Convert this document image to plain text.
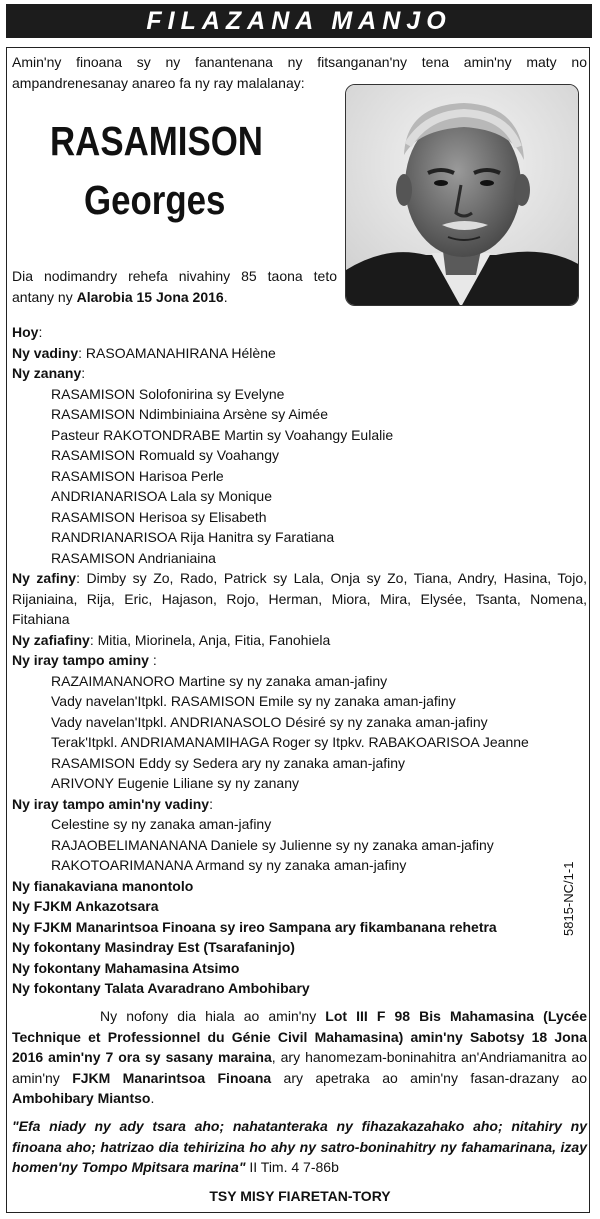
FILAZANA MANJO
Amin'ny finoana sy ny fanantenana ny fitsanganan'ny tena amin'ny maty no ampandrenesanay anareo fa ny ray malalanay:
RASAMISON
Georges
Dia nodimandry rehefa nivahiny 85 taona teto antany ny Alarobia 15 Jona 2016.
Hoy:
Ny vadiny: RASOAMANAHIRANA Hélène
Ny zanany:
RASAMISON Solofonirina sy Evelyne
RASAMISON Ndimbiniaina Arsène sy Aimée
Pasteur RAKOTONDRABE Martin sy Voahangy Eulalie
RASAMISON Romuald sy Voahangy
RASAMISON Harisoa Perle
ANDRIANARISOA Lala sy Monique
RASAMISON Herisoa sy Elisabeth
RANDRIANARISOA Rija Hanitra sy Faratiana
RASAMISON Andrianiaina
Ny zafiny: Dimby sy Zo, Rado, Patrick sy Lala, Onja sy Zo, Tiana, Andry, Hasina, Tojo, Rijaniaina, Rija, Eric, Hajason, Rojo, Herman, Miora, Mira, Elysée, Tsanta, Nomena, Fitahiana
Ny zafiafiny: Mitia, Miorinela, Anja, Fitia, Fanohiela
Ny iray tampo aminy :
RAZAIMANANORO Martine sy ny zanaka aman-jafiny
Vady navelan'Itpkl. RASAMISON Emile sy ny zanaka aman-jafiny
Vady navelan'Itpkl. ANDRIANASOLO Désiré sy ny zanaka aman-jafiny
Terak'Itpkl. ANDRIAMANAMIHAGA Roger sy Itpkv. RABAKOARISOA Jeanne
RASAMISON Eddy sy Sedera ary ny zanaka aman-jafiny
ARIVONY Eugenie Liliane sy ny zanany
Ny iray tampo amin'ny vadiny:
Celestine sy ny zanaka aman-jafiny
RAJAOBELIMANANANA Daniele sy Julienne sy ny zanaka aman-jafiny
RAKOTOARIMANANA Armand sy ny zanaka aman-jafiny
Ny fianakaviana manontolo
Ny FJKM Ankazotsara
Ny FJKM Manarintsoa Finoana sy ireo Sampana ary fikambanana rehetra
Ny fokontany Masindray Est (Tsarafaninjo)
Ny fokontany Mahamasina Atsimo
Ny fokontany Talata Avaradrano Ambohibary
5815-NC/1-1
Ny nofony dia hiala ao amin'ny Lot III F 98 Bis Mahamasina (Lycée Technique et Professionnel du Génie Civil Mahamasina) amin'ny Sabotsy 18 Jona 2016 amin'ny 7 ora sy sasany maraina, ary hanomezam-boninahitra an'Andriamanitra ao amin'ny FJKM Manarintsoa Finoana ary apetraka ao amin'ny fasan-drazany ao Ambohibary Miantso.
"Efa niady ny ady tsara aho; nahatanteraka ny fihazakazahako aho; nitahiry ny finoana aho; hatrizao dia tehirizina ho ahy ny satro-boninahitry ny fahamarinana, izay homen'ny Tompo Mpitsara marina" II Tim. 4 7-86b
TSY MISY FIARETAN-TORY
